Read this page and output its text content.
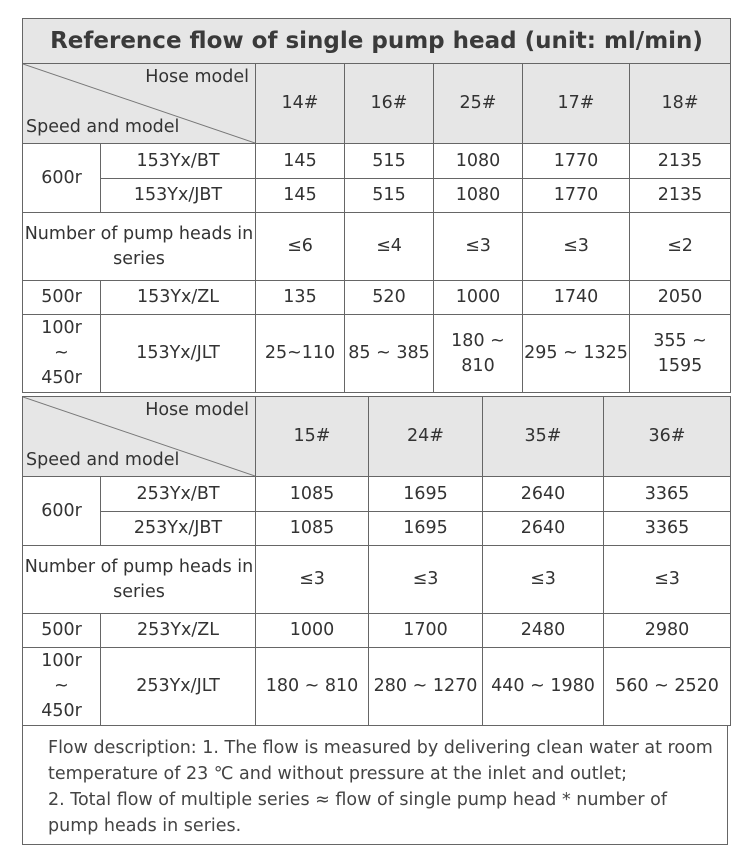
Reference flow of single pump head (unit: ml/min)						

Hose model
Speed and model		14#	16#	25#	17#	18#
600r	153Yx/BT	145	515	1080	1770	2135
	153Yx/JBT	145	515	1080	1770	2135
Number of pump heads in series		≤6	≤4	≤3	≤3	≤2
500r	153Yx/ZL	135	520	1000	1740	2050

100r
~
450r	153Yx/JLT	25~110	85 ~ 385	180 ~ 810	295 ~ 1325	355 ~ 1595
Hose model
Speed and model		15#	24#	35#	36#
600r	253Yx/BT	1085	1695	2640	3365
	253Yx/JBT	1085	1695	2640	3365
Number of pump heads in series		≤3	≤3	≤3	≤3
500r	253Yx/ZL	1000	1700	2480	2980

100r
~
450r	253Yx/JLT	180 ~ 810	280 ~ 1270	440 ~ 1980	560 ~ 2520

Flow description: 1. The flow is measured by delivering clean water at room temperature of 23 ℃ and without pressure at the inlet and outlet;

2. Total flow of multiple series ≈ flow of single pump head * number of pump heads in series.
